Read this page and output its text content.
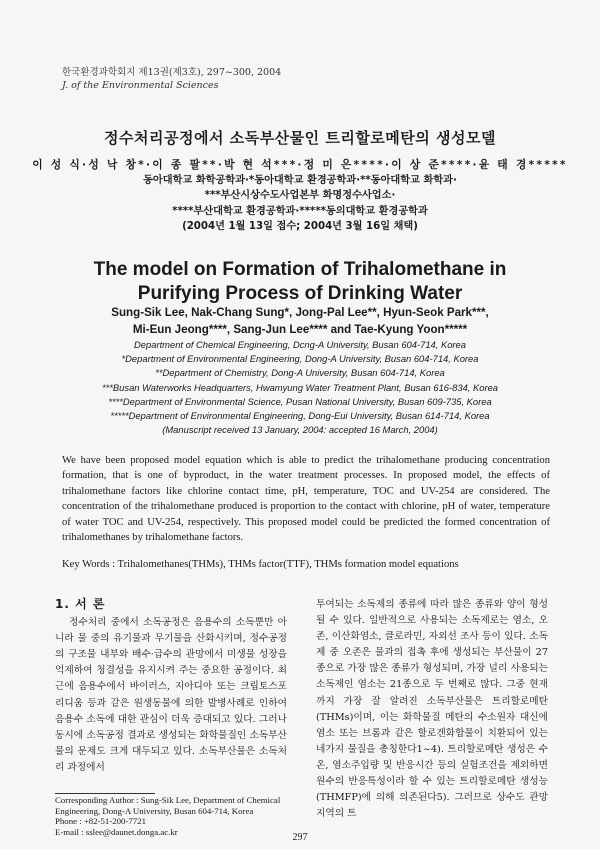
한국환경과학회지 제13권(제3호), 297~300, 2004
J. of the Environmental Sciences
정수처리공정에서 소독부산물인 트리할로메탄의 생성모델
이 성 식·성 낙 창*·이 종 팔**·박 현 석***·정 미 은****·이 상 준****·윤 태 경*****
동아대학교 화학공학과·*동아대학교 환경공학과·**동아대학교 화학과·
***부산시상수도사업본부 화명정수사업소·
****부산대학교 환경공학과·*****동의대학교 환경공학과
(2004년 1월 13일 접수; 2004년 3월 16일 채택)
The model on Formation of Trihalomethane in
Purifying Process of Drinking Water
Sung-Sik Lee, Nak-Chang Sung*, Jong-Pal Lee**, Hyun-Seok Park***,
Mi-Eun Jeong****, Sang-Jun Lee**** and Tae-Kyung Yoon*****
Department of Chemical Engineering, Dcng-A University, Busan 604-714, Korea
*Department of Environmental Engineering, Dong-A University, Busan 604-714, Korea
**Department of Chemistry, Dong-A University, Busan 604-714, Korea
***Busan Waterworks Headquarters, Hwamyung Water Treatment Plant, Busan 616-834, Korea
****Department of Environmental Science, Pusan National University, Busan 609-735, Korea
*****Department of Environmental Engineering, Dong-Eui University, Busan 614-714, Korea
(Manuscript received 13 January, 2004: accepted 16 March, 2004)
We have been proposed model equation which is able to predict the trihalomethane producing concentration formation, that is one of byproduct, in the water treatment processes. In proposed model, the effects of trihalomethane factors like chlorine contact time, pH, temperature, TOC and UV-254 are considered. The concentration of the trihalomethane produced is proportion to the contact with chlorine, pH of water, temperature of water TOC and UV-254, respectively. This proposed model could be predicted the formed concentration of trihalomethanes by trihalomethane factors.
Key Words : Trihalomethanes(THMs), THMs factor(TTF), THMs formation model equations
1. 서 론

정수처리 중에서 소독공정은 음용수의 소독뿐만 아니라 물 중의 유기물과 무기물을 산화시키며, 정수공정의 구조물 내부와 배수·급수의 관망에서 미생물 성장을 억제하여 청결성을 유지시켜 주는 중요한 공정이다. 최근에 음용수에서 바이러스, 지아디아 또는 크립토스포리디움 등과 같은 원생동물에 의한 발병사례로 인하여 음용수 소독에 대한 관심이 더욱 증대되고 있다. 그러나 동시에 소독공정 결과로 생성되는 화학물질인 소독부산물의 문제도 크게 대두되고 있다. 소독부산물은 소독처리 과정에서

투여되는 소독제의 종류에 따라 많은 종류와 양이 형성될 수 있다. 일반적으로 사용되는 소독제로는 염소, 오존, 이산화염소, 클로라민, 자외선 조사 등이 있다. 소독제 중 오존은 물과의 접촉 후에 생성되는 부산물이 27종으로 가장 많은 종류가 형성되며, 가장 널리 사용되는 소독제인 염소는 21종으로 두 번째로 많다. 그중 현재까지 가장 잘 알려진 소독부산물은 트리할로메탄(THMs)이며, 이는 화학물질 메탄의 수소원자 대신에 염소 또는 브롬과 같은 할로겐화합물이 치환되어 있는 네가지 물질을 총칭한다1~4). 트리할로메탄 생성은 수온, 염소주입량 및 반응시간 등의 실험조건을 제외하면 원수의 반응특성이라 할 수 있는 트리할로메탄 생성능(THMFP)에 의해 의존된다5). 그러므로 상수도 관망지역의 트

Corresponding Author : Sung-Sik Lee, Department of Chemical
Engineering, Dong-A University, Busan 604-714, Korea
Phone : +82-51-200-7721
E-mail : sslee@daunet.donga.ac.kr
297
